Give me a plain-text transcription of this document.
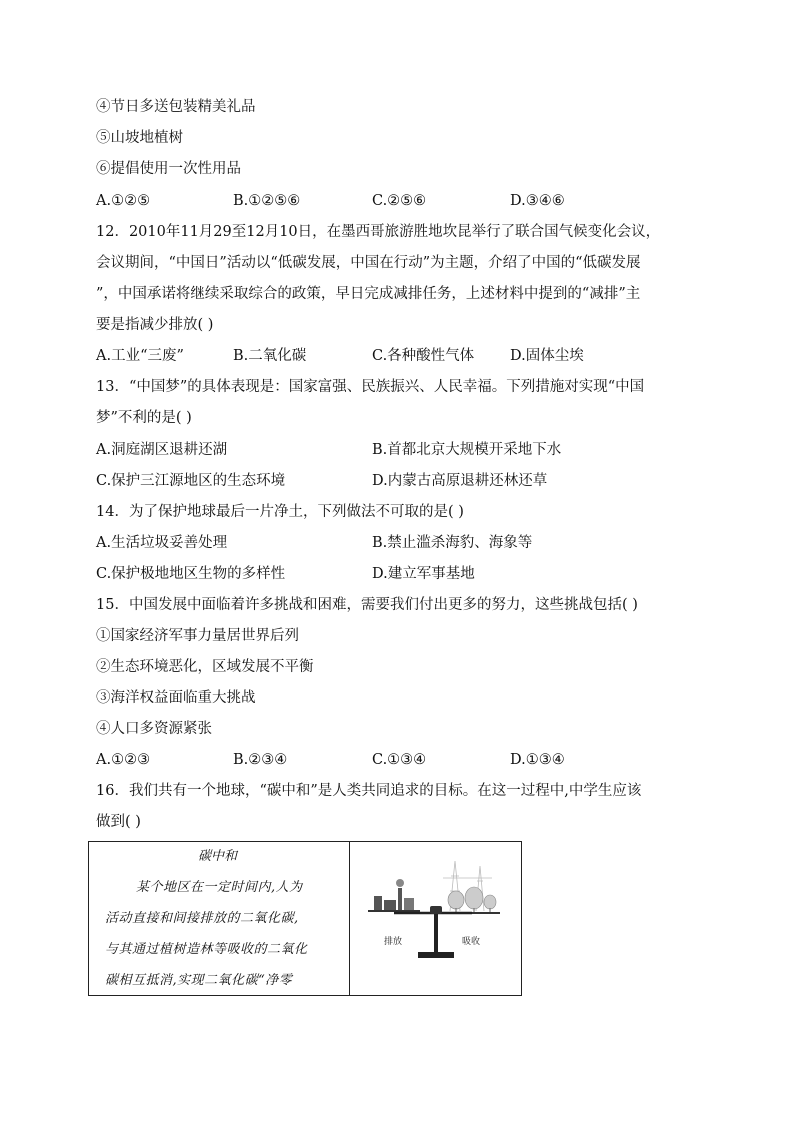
④节日多送包装精美礼品
⑤山坡地植树
⑥提倡使用一次性用品
A.①②⑤	B.①②⑤⑥	C.②⑤⑥	D.③④⑥
12．2010年11月29至12月10日，在墨西哥旅游胜地坎昆举行了联合国气候变化会议，
会议期间，“中国日”活动以“低碳发展，中国在行动”为主题，介绍了中国的“低碳发展
”，中国承诺将继续采取综合的政策，早日完成减排任务，上述材料中提到的“减排”主
要是指减少排放( )
A.工业“三废”	B.二氧化碳	C.各种酸性气体 D.固体尘埃
13．“中国梦”的具体表现是：国家富强、民族振兴、人民幸福。下列措施对实现“中国
梦”不利的是( )
A.洞庭湖区退耕还湖	B.首都北京大规模开采地下水
C.保护三江源地区的生态环境	D.内蒙古高原退耕还林还草
14．为了保护地球最后一片净土，下列做法不可取的是( )
A.生活垃圾妥善处理	B.禁止滥杀海豹、海象等
C.保护极地地区生物的多样性	D.建立军事基地
15．中国发展中面临着许多挑战和困难，需要我们付出更多的努力，这些挑战包括( )
①国家经济军事力量居世界后列
②生态环境恶化，区域发展不平衡
③海洋权益面临重大挑战
④人口多资源紧张
A.①②③	B.②③④	C.①③④	D.①③④
16．我们共有一个地球，“碳中和”是人类共同追求的目标。在这一过程中,中学生应该
做到( )
碳中和
某个地区在一定时间内,人为
活动直接和间接排放的二氧化碳,
与其通过植树造林等吸收的二氧化
碳相互抵消,实现二氧化碳“净零
排放	吸收
